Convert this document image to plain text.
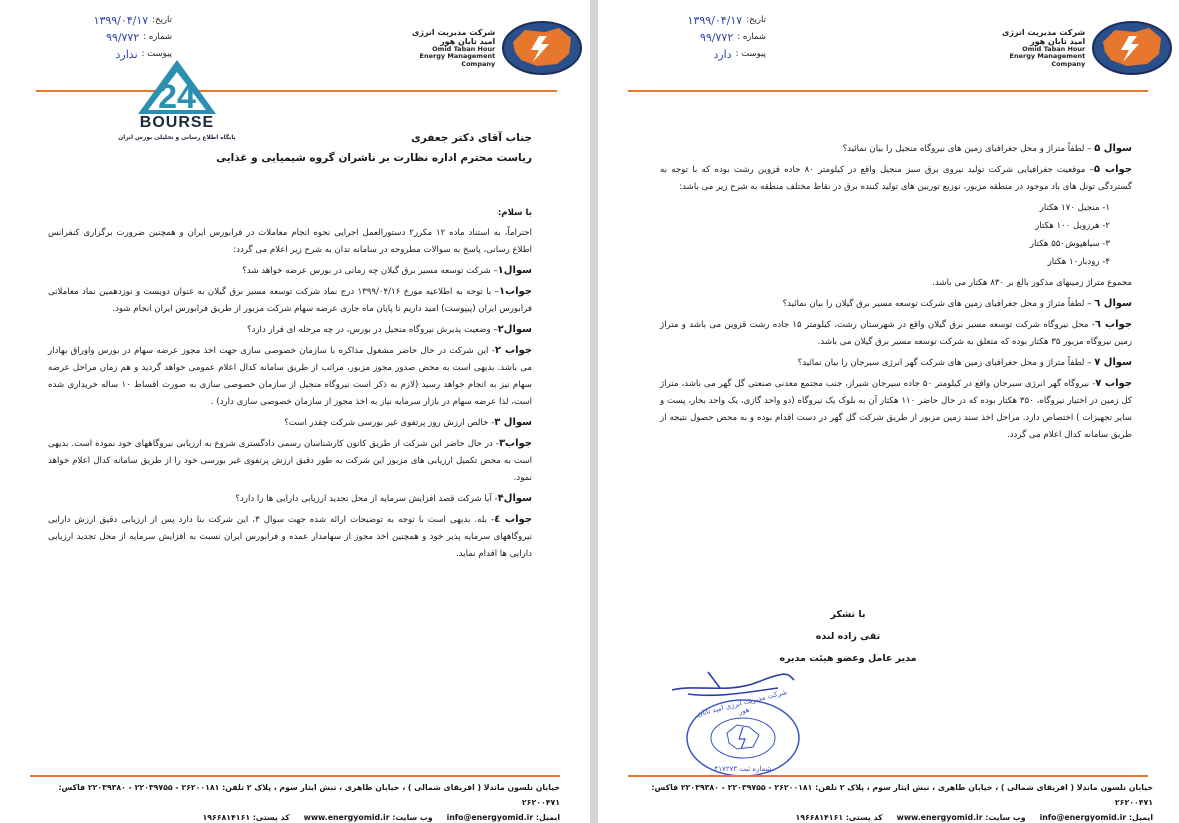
تاریخ:
۱۳۹۹/۰۴/۱۷
شماره :
۹۹/۷۷۲
پیوست :
ندارد
شرکت مدیریت انرژی
امید تابان هور
Omid Taban Hour
Energy Management
Company
24
BOURSE
پایگاه اطلاع رسانی و تحلیلی بورس ایران	جناب آقای دکتر جعفری
ریاست محترم اداره نظارت بر ناشران گروه شیمیایی و غذایی

با سلام:

احتراماً، به استناد ماده ۱۲ مکرر۲ دستورالعمل اجرایی نحوه انجام معاملات در فرابورس ایران و همچنین ضرورت برگزاری کنفرانس اطلاع رسانی، پاسخ به سوالات مطروحه در سامانه تدان به شرح زیر اعلام می گردد:

سوال۱– شرکت توسعه مسیر برق گیلان چه زمانی در بورس عرضه خواهد شد؟

جواب۱– با توجه به اطلاعیه مورخ ۱۳۹۹/۰۴/۱۶ درج نماد شرکت توسعه مسیر برق گیلان به عنوان دویست و نوزدهمین نماد معاملاتی فرابورس ایران (پیپوست) امید داریم تا پایان ماه جاری عرضه سهام شرکت مزبور از طریق فرابورس ایران انجام شود.

سوال۲– وضعیت پذیرش نیروگاه منجیل در بورس، در چه مرحله ای قرار دارد؟

جواب ۲- این شرکت در حال حاضر مشغول مذاکره با سازمان خصوصی سازی جهت اخذ مجوز عرضه سهام در بورس واوراق بهادار می باشد. بدیهی است به محض صدور مجوز مزبور، مراتب از طریق سامانه کدال اعلام عمومی خواهد گردید و هم زمان مراحل عرضه سهام نیز به انجام خواهد رسید (لازم به ذکر است نیروگاه منجیل از سازمان خصوصی سازی به صورت اقساط ۱۰ ساله خریداری شده است، لذا عرضه سهام در بازار سرمایه نیاز به اخذ مجوز از سازمان خصوصی سازی دارد) .

سوال ۳- خالص ارزش روز پرتفوی غیر بورسی شرکت چقدر است؟

جواب۳- در حال حاضر این شرکت از طریق کانون کارشناسان رسمی دادگستری شروع به ارزیابی نیروگاههای خود نموده است. بدیهی است به محض تکمیل ارزیابی های مزبور این شرکت به طور دقیق ارزش پرتفوی غیر بورسی خود را از طریق سامانه کدال اعلام خواهد نمود.

سوال۴- آیا شرکت قصد افزایش سرمایه از محل تجدید ارزیابی دارایی ها را دارد؟

جواب ٤- بله. بدیهی است با توجه به توضیحات ارائه شده جهت سوال ۳، این شرکت بنا دارد پس از ارزیابی دقیق ارزش دارایی نیروگاههای سرمایه پذیر خود و همچنین اخذ مجوز از سهامدار عمده و فرابورس ایران نسبت به افزایش سرمایه از محل تجدید ارزیابی دارایی ها اقدام نماید.

خیابان نلسون ماندلا ( افریقای شمالی ) ، خیابان طاهری ، نبش ایثار سوم ، پلاک ۲ تلفن: ۲۶۲۰۰۱۸۱ - ۲۲۰۳۹۷۵۵ - ۲۲۰۳۹۳۸۰ فاکس: ۲۶۲۰۰۴۷۱
ایمیل: info@energyomid.ir
وب سایت: www.energyomid.ir
کد پستی: ۱۹۶۶۸۱۴۱۶۱
تاریخ:
۱۳۹۹/۰۴/۱۷
شماره :
۹۹/۷۷۲
پیوست :
دارد
شرکت مدیریت انرژی
امید تابان هور
Omid Taban Hour
Energy Management
Company

سوال ۵ – لطفاً متراژ و محل جغرافیای زمین های نیروگاه منجیل را بیان نمائید؟

جواب ۵– موقعیت جغرافیایی شرکت تولید نیروی برق سبز منجیل واقع در کیلومتر ۸۰ جاده قزوین رشت بوده که با توجه به گستردگی تونل های باد موجود در منطقه مزبور، توزیع توربین های تولید کننده برق در نقاط مختلف منطقه به شرح زیر می باشد:

۱- منجیل ۱۷۰ هکتار
۲- هرزویل ۱۰۰ هکتار
۳- سیاهپوش۵۵۰ هکتار
۴- رودبار۱۰ هکتار

مجموع متراژ زمینهای مذکور بالغ بر ۸۳۰ هکتار می باشد.

سوال ٦ – لطفاً متراژ و محل جغرافیای زمین های شرکت توسعه مسیر برق گیلان را بیان نمائید؟

جواب ٦- محل نیروگاه شرکت توسعه مسیر برق گیلان واقع در شهرستان رشت، کیلومتر ۱۵ جاده رشت قزوین می باشد و متراژ زمین نیروگاه مزبور ۳۵ هکتار بوده که متعلق به شرکت توسعه مسیر برق گیلان می باشد.

سوال ۷ – لطفاً متراژ و محل جغرافیای زمین های شرکت گهر انرژی سیرجان را بیان نمائید؟

جواب ۷- نیروگاه گهر انرژی سیرجان واقع در کیلومتر ۵۰ جاده سیرجان شیراز، جنب مجتمع معدنی صنعتی گل گهر می باشد، متراژ کل زمین در اختیار نیروگاه، ۳۵۰ هکتار بوده که در حال حاضر ۱۱۰ هکتار آن به بلوک یک نیروگاه (دو واحد گازی، یک واحد بخار، پست و سایر تجهیزات ) اختصاص دارد. مراحل اخذ سند زمین مزبور از طریق شرکت گل گهر در دست اقدام بوده و به محض حصول نتیجه از طریق سامانه کدال اعلام می گردد.

با تشکر
تقی زاده لنده
مدیر عامل وعضو هیئت مدیره
شرکت مدیریت انرژی امید تابان هور
شماره ثبت ۴۱۷۲۷۳
خیابان نلسون ماندلا ( افریقای شمالی ) ، خیابان طاهری ، نبش ایثار سوم ، پلاک ۲ تلفن: ۲۶۲۰۰۱۸۱ - ۲۲۰۳۹۷۵۵ - ۲۲۰۳۹۳۸۰ فاکس: ۲۶۲۰۰۴۷۱
ایمیل: info@energyomid.ir
وب سایت: www.energyomid.ir
کد پستی: ۱۹۶۶۸۱۴۱۶۱
